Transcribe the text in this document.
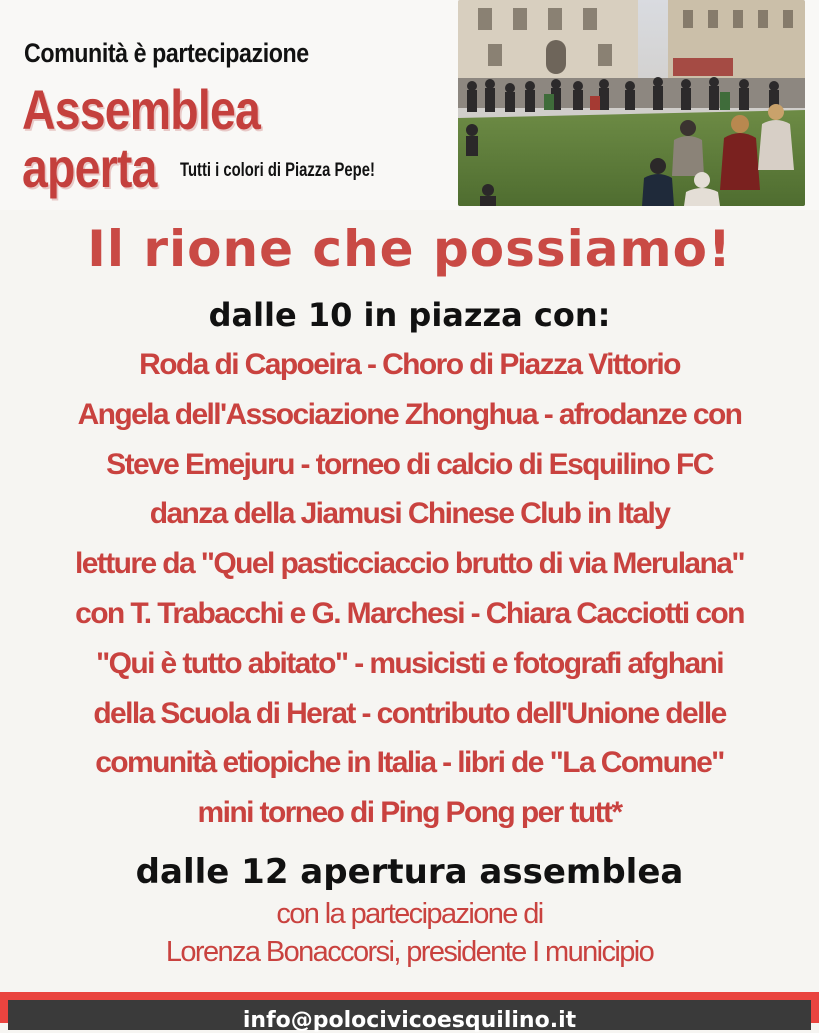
Comunità è partecipazione
Assemblea
aperta Tutti i colori di Piazza Pepe!
Il rione che possiamo!
dalle 10 in piazza con:
Roda di Capoeira - Choro di Piazza Vittorio
Angela dell'Associazione Zhonghua - afrodanze con
Steve Emejuru - torneo di calcio di Esquilino FC
danza della Jiamusi Chinese Club in Italy
letture da "Quel pasticciaccio brutto di via Merulana"
con T. Trabacchi e G. Marchesi - Chiara Cacciotti con
"Qui è tutto abitato" - musicisti e fotografi afghani
della Scuola di Herat - contributo dell'Unione delle
comunità etiopiche in Italia - libri de "La Comune"
mini torneo di Ping Pong per tutt*
dalle 12 apertura assemblea
con la partecipazione di
Lorenza Bonaccorsi, presidente I municipio
info@polocivicoesquilino.it
